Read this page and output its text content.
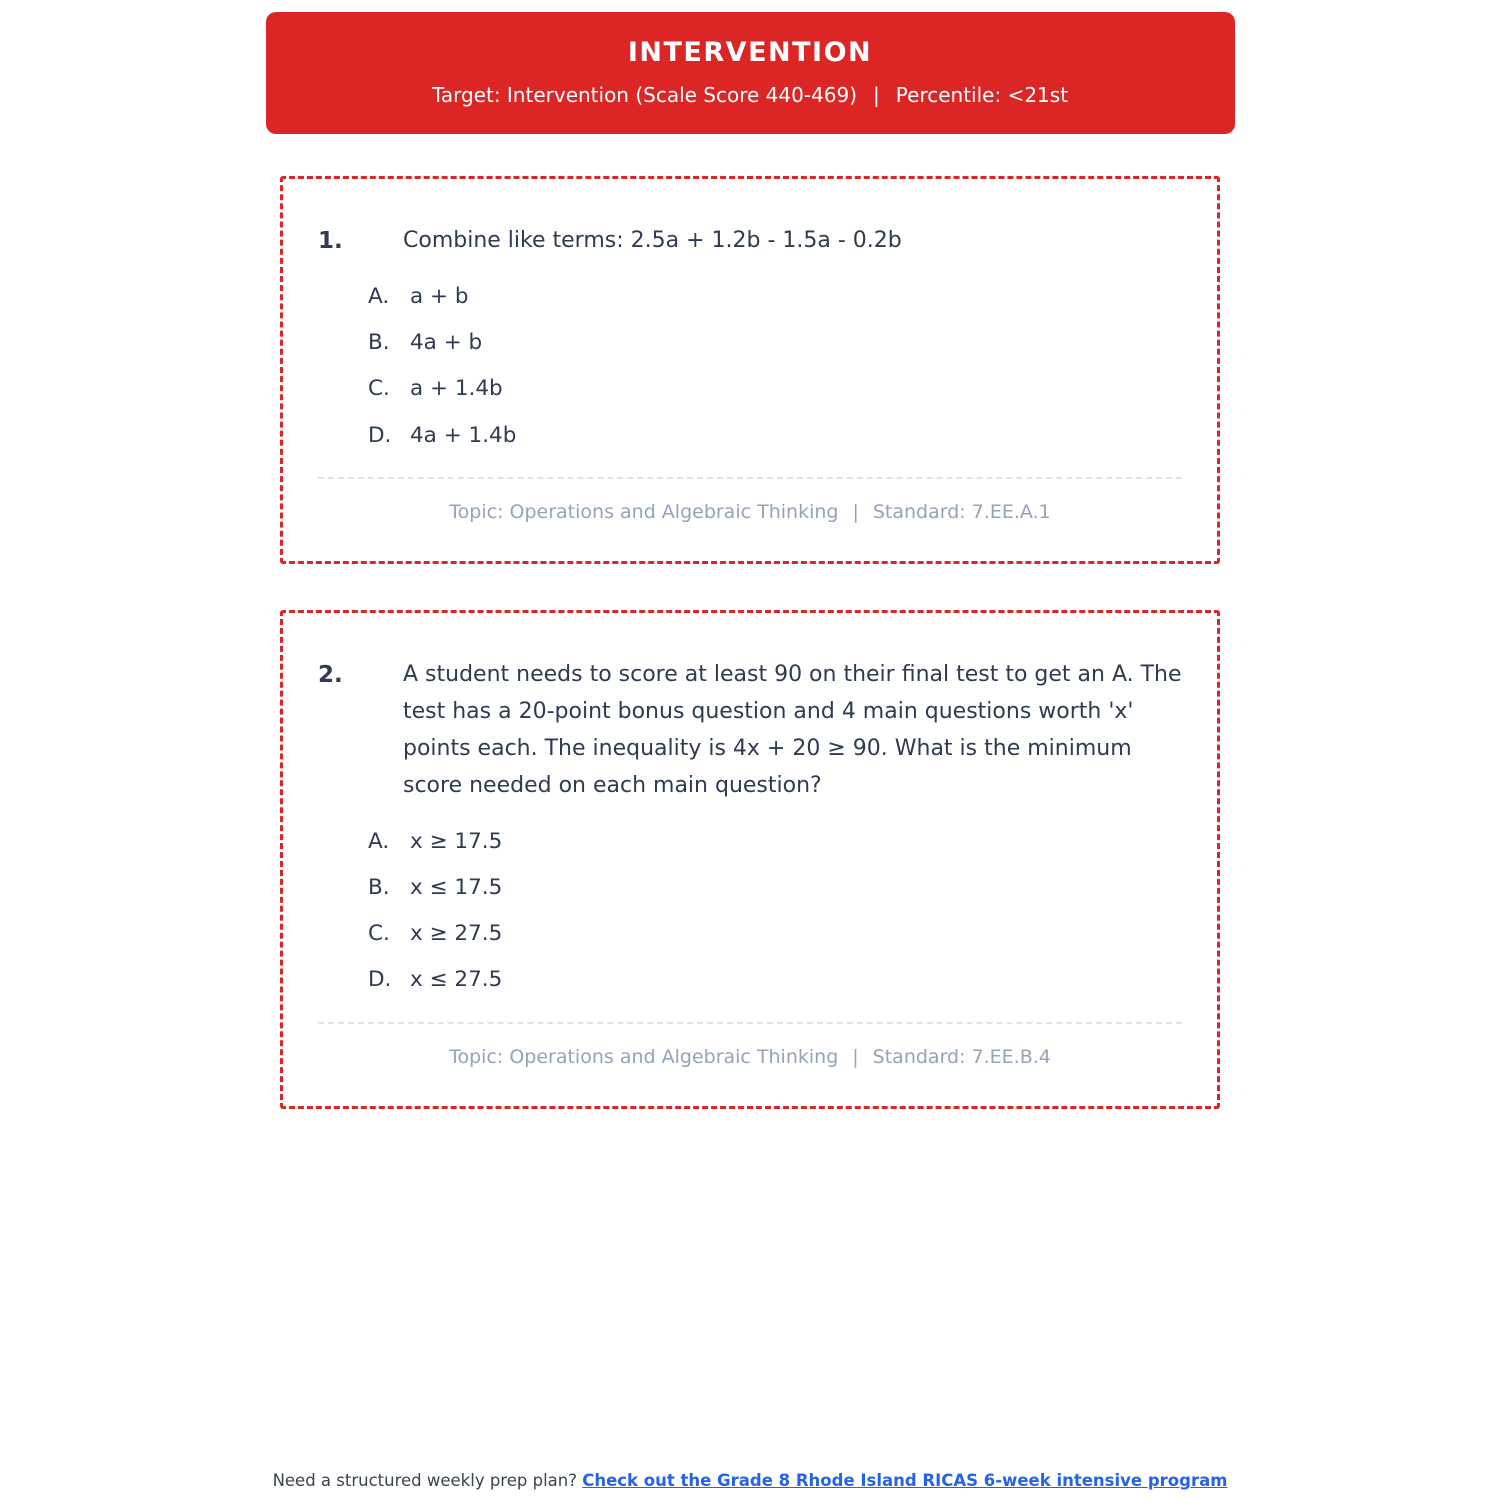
INTERVENTION
Target: Intervention (Scale Score 440-469) | Percentile: <21st
1.	Combine like terms: 2.5a + 1.2b - 1.5a - 0.2b
A. a + b
B. 4a + b
C. a + 1.4b
D. 4a + 1.4b
Topic: Operations and Algebraic Thinking | Standard: 7.EE.A.1
2.	A student needs to score at least 90 on their final test to get an A. The test has a 20-point bonus question and 4 main questions worth 'x' points each. The inequality is 4x + 20 ≥ 90. What is the minimum score needed on each main question?
A. x ≥ 17.5
B. x ≤ 17.5
C. x ≥ 27.5
D. x ≤ 27.5
Topic: Operations and Algebraic Thinking | Standard: 7.EE.B.4
Need a structured weekly prep plan? Check out the Grade 8 Rhode Island RICAS 6-week intensive program
